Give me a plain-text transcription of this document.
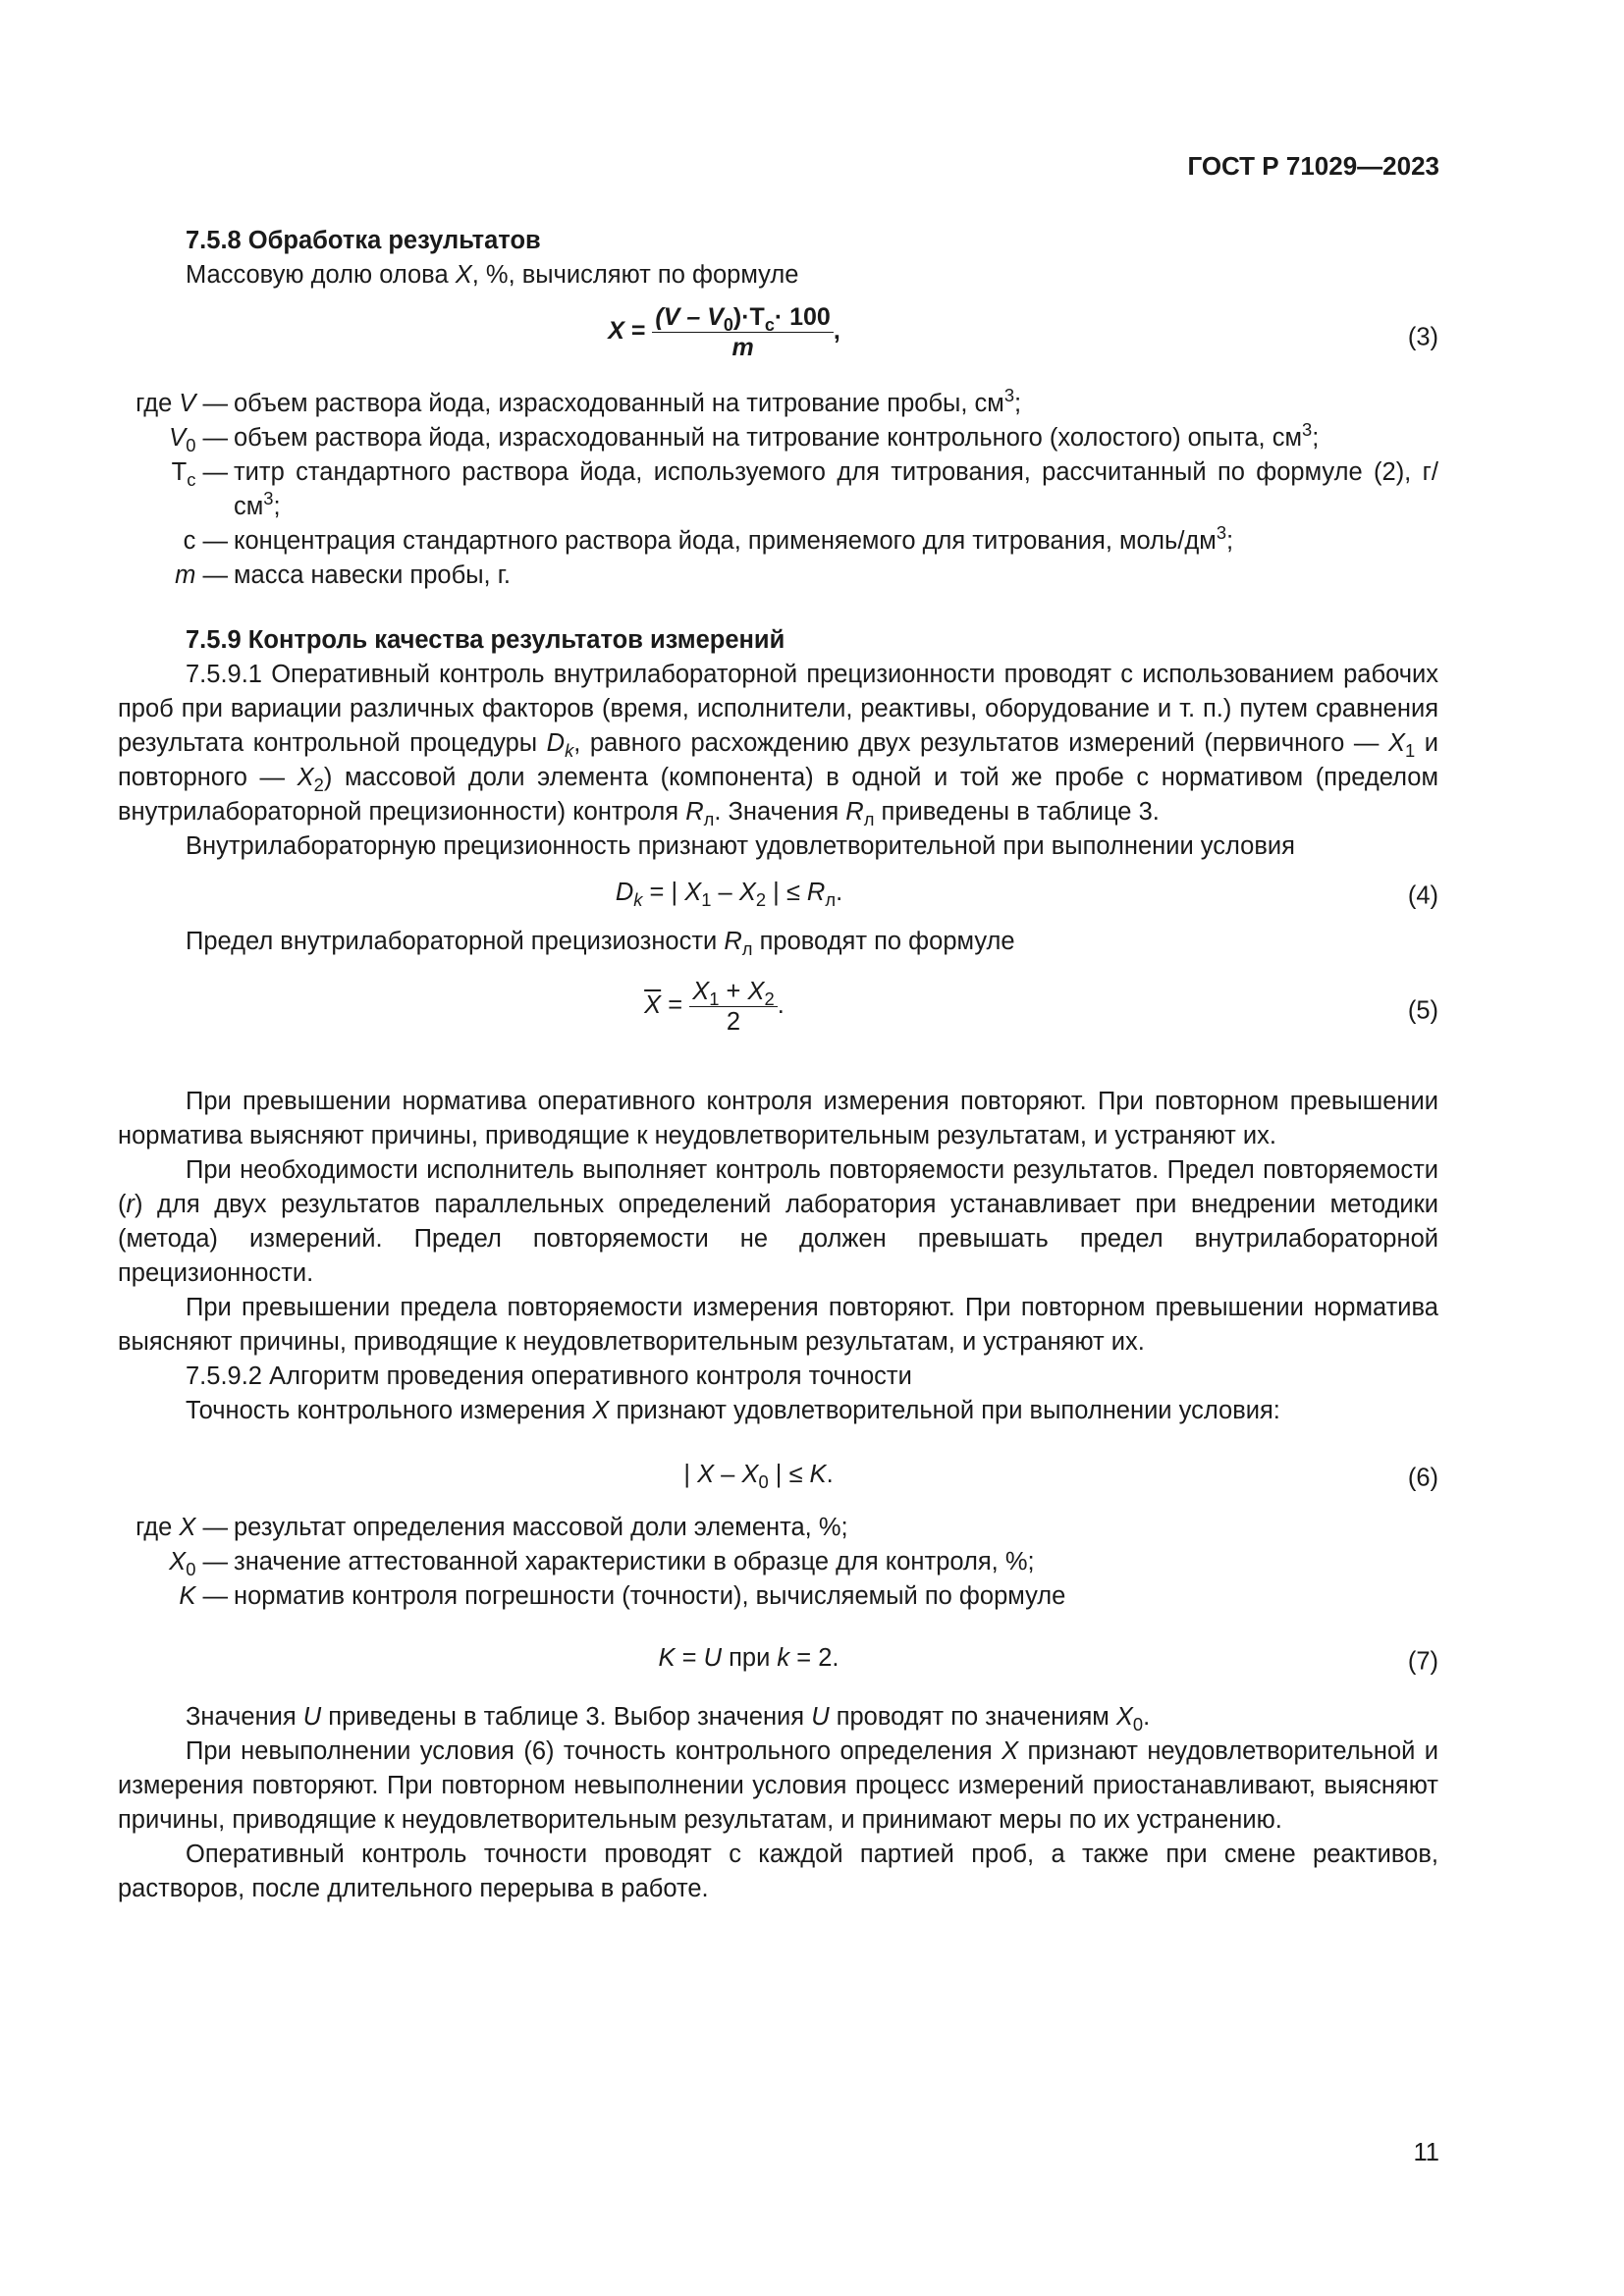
ГОСТ Р 71029—2023

7.5.8 Обработка результатов

Массовую долю олова X, %, вычисляют по формуле

$X = \frac{(V - V_0)\cdot T_c\cdot 100}{m}$ ,	(3)

где V — объем раствора йода, израсходованный на титрование пробы, $см^3$;

$V_0$ — объем раствора йода, израсходованный на титрование контрольного (холостого) опыта, $см^3$;

$T_c$ — титр стандартного раствора йода, используемого для титрования, рассчитанный по формуле (2), $г/см^3$;

с — концентрация стандартного раствора йода, применяемого для титрования, моль/$дм^3$;

m — масса навески пробы, г.

7.5.9 Контроль качества результатов измерений

7.5.9.1 Оперативный контроль внутрилабораторной прецизионности проводят с использованием рабочих проб при вариации различных факторов (время, исполнители, реактивы, оборудование и т. п.) путем сравнения результата контрольной процедуры $D_k$, равного расхождению двух результатов измерений (первичного — $X_1$ и повторного — $X_2$) массовой доли элемента (компонента) в одной и той же пробе с нормативом (пределом внутрилабораторной прецизионности) контроля $R_л$. Значения $R_л$ приведены в таблице 3.

Внутрилабораторную прецизионность признают удовлетворительной при выполнении условия

$D_k$ = | $X_1 - X_2$ | ≤ $R_л$.	(4)

Предел внутрилабораторной прецизиозности $R_л$ проводят по формуле

$\overline{X} = \frac{X_1 + X_2}{2}$ .	(5)

При превышении норматива оперативного контроля измерения повторяют. При повторном превышении норматива выясняют причины, приводящие к неудовлетворительным результатам, и устраняют их.

При необходимости исполнитель выполняет контроль повторяемости результатов. Предел повторяемости (r) для двух результатов параллельных определений лаборатория устанавливает при внедрении методики (метода) измерений. Предел повторяемости не должен превышать предел внутрилабораторной прецизионности.

При превышении предела повторяемости измерения повторяют. При повторном превышении норматива выясняют причины, приводящие к неудовлетворительным результатам, и устраняют их.

7.5.9.2 Алгоритм проведения оперативного контроля точности

Точность контрольного измерения X признают удовлетворительной при выполнении условия:

| X – $X_0$ | ≤ K.	(6)

где X — результат определения массовой доли элемента, %;

$X_0$ — значение аттестованной характеристики в образце для контроля, %;

K — норматив контроля погрешности (точности), вычисляемый по формуле

K = U при k = 2.	(7)

Значения U приведены в таблице 3. Выбор значения U проводят по значениям $X_0$.

При невыполнении условия (6) точность контрольного определения X признают неудовлетворительной и измерения повторяют. При повторном невыполнении условия процесс измерений приостанавливают, выясняют причины, приводящие к неудовлетворительным результатам, и принимают меры по их устранению.

Оперативный контроль точности проводят с каждой партией проб, а также при смене реактивов, растворов, после длительного перерыва в работе.

11
